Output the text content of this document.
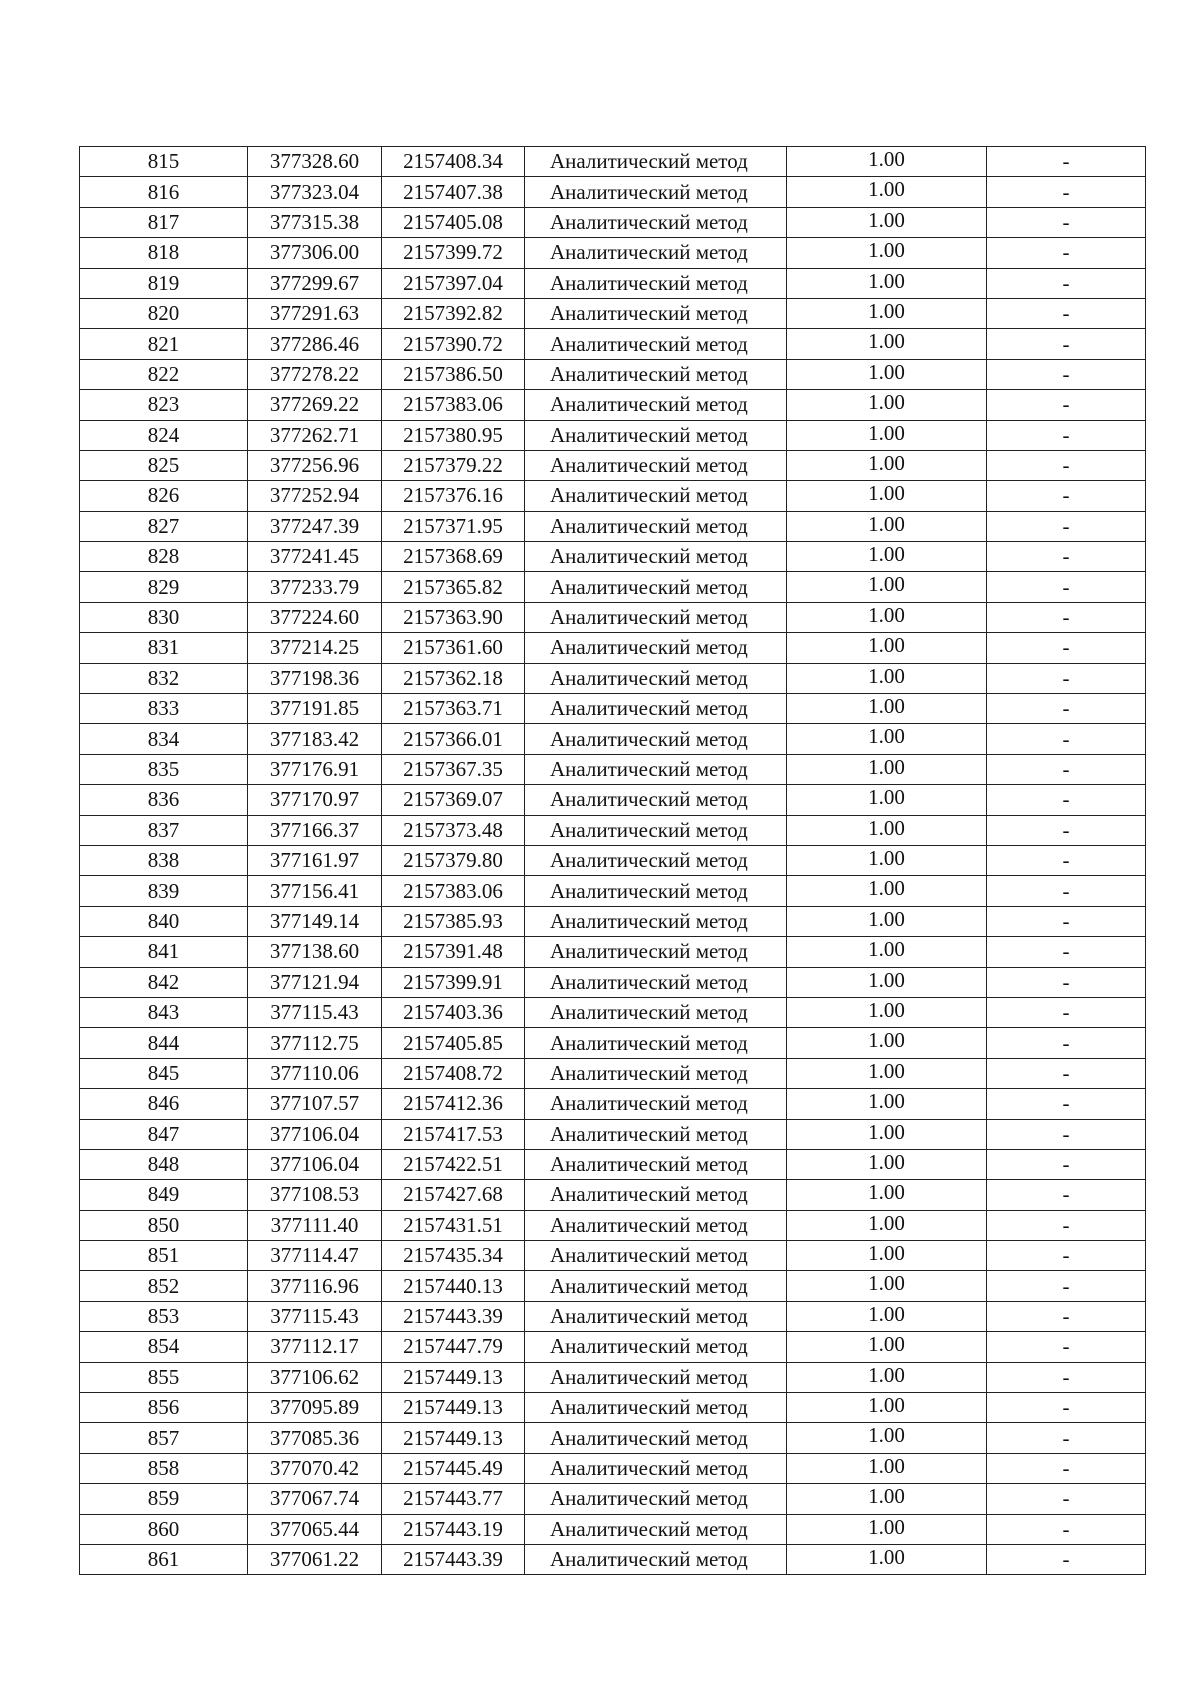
815	377328.60	2157408.34	Аналитический метод	1.00	-
816	377323.04	2157407.38	Аналитический метод	1.00	-
817	377315.38	2157405.08	Аналитический метод	1.00	-
818	377306.00	2157399.72	Аналитический метод	1.00	-
819	377299.67	2157397.04	Аналитический метод	1.00	-
820	377291.63	2157392.82	Аналитический метод	1.00	-
821	377286.46	2157390.72	Аналитический метод	1.00	-
822	377278.22	2157386.50	Аналитический метод	1.00	-
823	377269.22	2157383.06	Аналитический метод	1.00	-
824	377262.71	2157380.95	Аналитический метод	1.00	-
825	377256.96	2157379.22	Аналитический метод	1.00	-
826	377252.94	2157376.16	Аналитический метод	1.00	-
827	377247.39	2157371.95	Аналитический метод	1.00	-
828	377241.45	2157368.69	Аналитический метод	1.00	-
829	377233.79	2157365.82	Аналитический метод	1.00	-
830	377224.60	2157363.90	Аналитический метод	1.00	-
831	377214.25	2157361.60	Аналитический метод	1.00	-
832	377198.36	2157362.18	Аналитический метод	1.00	-
833	377191.85	2157363.71	Аналитический метод	1.00	-
834	377183.42	2157366.01	Аналитический метод	1.00	-
835	377176.91	2157367.35	Аналитический метод	1.00	-
836	377170.97	2157369.07	Аналитический метод	1.00	-
837	377166.37	2157373.48	Аналитический метод	1.00	-
838	377161.97	2157379.80	Аналитический метод	1.00	-
839	377156.41	2157383.06	Аналитический метод	1.00	-
840	377149.14	2157385.93	Аналитический метод	1.00	-
841	377138.60	2157391.48	Аналитический метод	1.00	-
842	377121.94	2157399.91	Аналитический метод	1.00	-
843	377115.43	2157403.36	Аналитический метод	1.00	-
844	377112.75	2157405.85	Аналитический метод	1.00	-
845	377110.06	2157408.72	Аналитический метод	1.00	-
846	377107.57	2157412.36	Аналитический метод	1.00	-
847	377106.04	2157417.53	Аналитический метод	1.00	-
848	377106.04	2157422.51	Аналитический метод	1.00	-
849	377108.53	2157427.68	Аналитический метод	1.00	-
850	377111.40	2157431.51	Аналитический метод	1.00	-
851	377114.47	2157435.34	Аналитический метод	1.00	-
852	377116.96	2157440.13	Аналитический метод	1.00	-
853	377115.43	2157443.39	Аналитический метод	1.00	-
854	377112.17	2157447.79	Аналитический метод	1.00	-
855	377106.62	2157449.13	Аналитический метод	1.00	-
856	377095.89	2157449.13	Аналитический метод	1.00	-
857	377085.36	2157449.13	Аналитический метод	1.00	-
858	377070.42	2157445.49	Аналитический метод	1.00	-
859	377067.74	2157443.77	Аналитический метод	1.00	-
860	377065.44	2157443.19	Аналитический метод	1.00	-
861	377061.22	2157443.39	Аналитический метод	1.00	-
